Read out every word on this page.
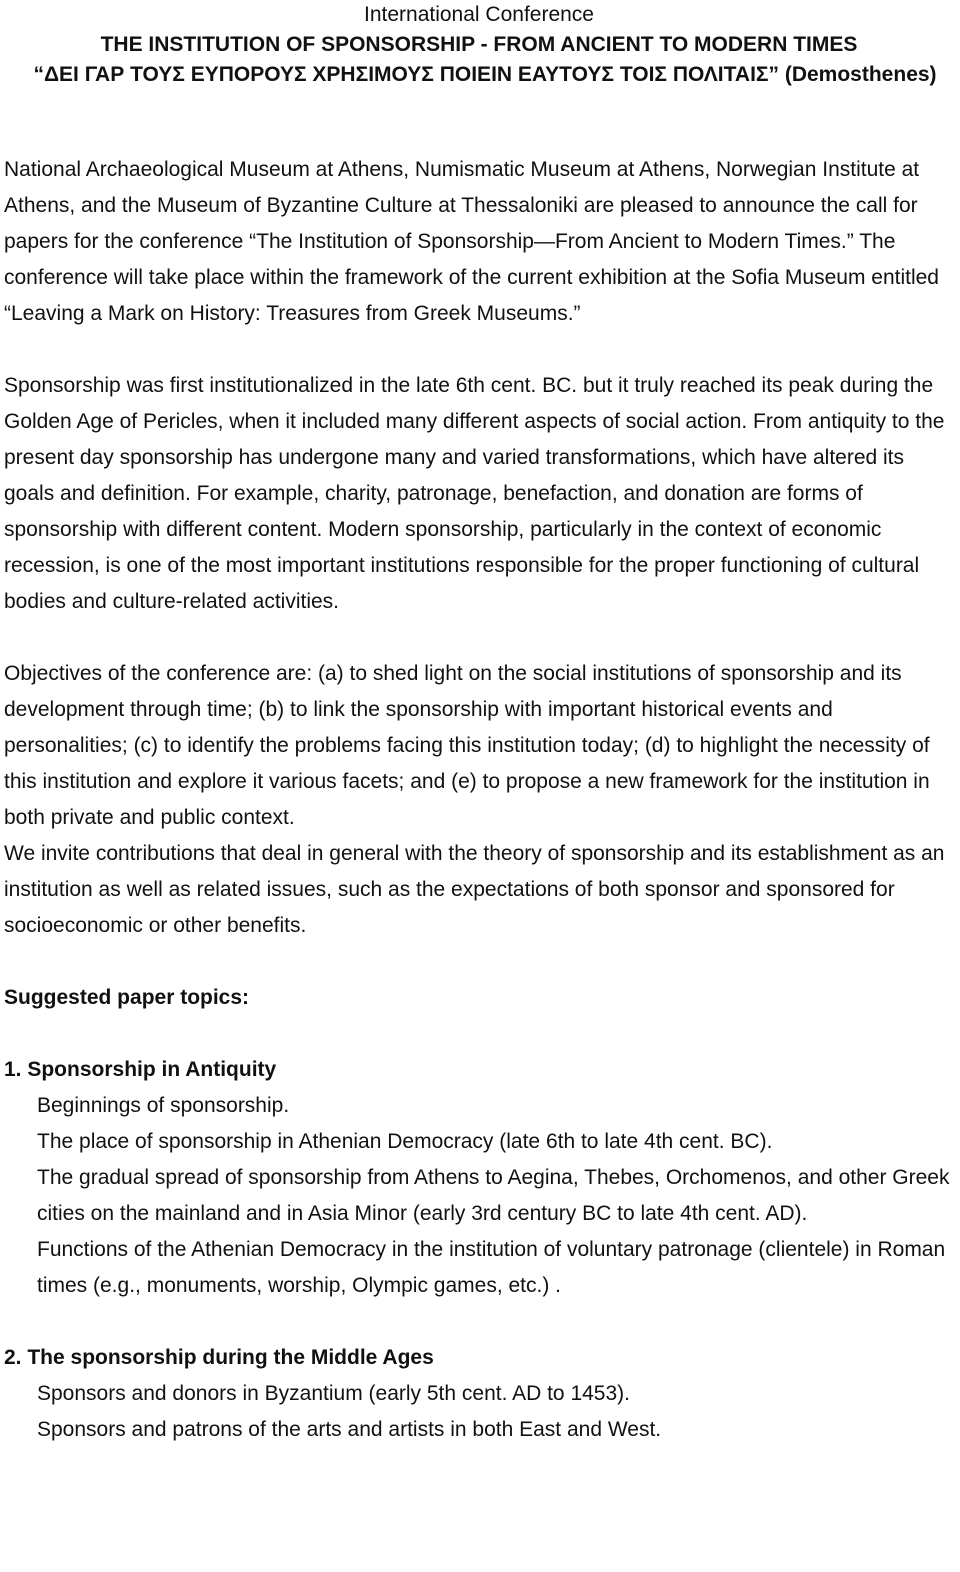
International Conference
THE INSTITUTION OF SPONSORSHIP - FROM ANCIENT TO MODERN TIMES
“ΔΕΙ ΓΑΡ ΤΟΥΣ ΕΥΠΟΡΟΥΣ ΧΡΗΣΙΜΟΥΣ ΠΟΙΕΙΝ ΕΑΥΤΟΥΣ ΤΟΙΣ ΠΟΛΙΤΑΙΣ” (Demosthenes)

National Archaeological Museum at Athens, Numismatic Museum at Athens, Norwegian Institute at Athens, and the Museum of Byzantine Culture at Thessaloniki are pleased to announce the call for papers for the conference “The Institution of Sponsorship—From Ancient to Modern Times.” The conference will take place within the framework of the current exhibition at the Sofia Museum entitled “Leaving a Mark on History: Treasures from Greek Museums.”

Sponsorship was first institutionalized in the late 6th cent. BC. but it truly reached its peak during the Golden Age of Pericles, when it included many different aspects of social action. From antiquity to the present day sponsorship has undergone many and varied transformations, which have altered its goals and definition. For example, charity, patronage, benefaction, and donation are forms of sponsorship with different content. Modern sponsorship, particularly in the context of economic recession, is one of the most important institutions responsible for the proper functioning of cultural bodies and culture-related activities.

Objectives of the conference are: (a) to shed light on the social institutions of sponsorship and its development through time; (b) to link the sponsorship with important historical events and personalities; (c) to identify the problems facing this institution today; (d) to highlight the necessity of this institution and explore it various facets; and (e) to propose a new framework for the institution in both private and public context.

We invite contributions that deal in general with the theory of sponsorship and its establishment as an institution as well as related issues, such as the expectations of both sponsor and sponsored for socioeconomic or other benefits.

Suggested paper topics:

1. Sponsorship in Antiquity

Beginnings of sponsorship.

The place of sponsorship in Athenian Democracy (late 6th to late 4th cent. BC).

The gradual spread of sponsorship from Athens to Aegina, Thebes, Orchomenos, and other Greek cities on the mainland and in Asia Minor (early 3rd century BC to late 4th cent. AD).

Functions of the Athenian Democracy in the institution of voluntary patronage (clientele) in Roman times (e.g., monuments, worship, Olympic games, etc.) .

2. The sponsorship during the Middle Ages

Sponsors and donors in Byzantium (early 5th cent. AD to 1453).

Sponsors and patrons of the arts and artists in both East and West.
